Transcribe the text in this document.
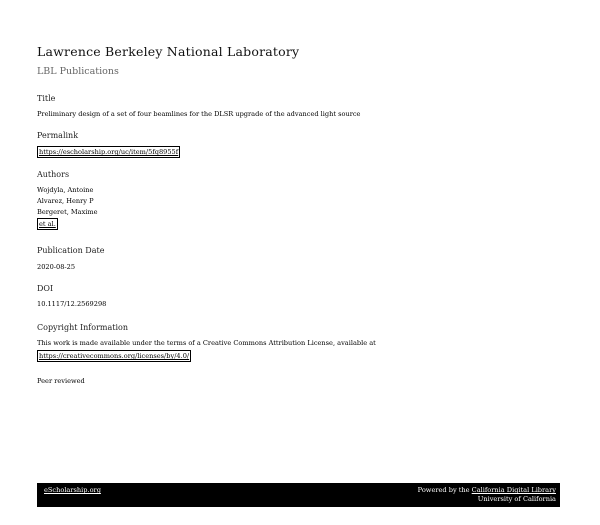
Lawrence Berkeley National Laboratory
LBL Publications
Title
Preliminary design of a set of four beamlines for the DLSR upgrade of the advanced light source
Permalink
https://escholarship.org/uc/item/5fq8955f
Authors
Wojdyla, Antoine
Alvarez, Henry P
Bergeret, Maxime
et al.
Publication Date
2020-08-25
DOI
10.1117/12.2569298
Copyright Information
This work is made available under the terms of a Creative Commons Attribution License, available at
https://creativecommons.org/licenses/by/4.0/
Peer reviewed
eScholarship.org	Powered by the California Digital Library
University of California
